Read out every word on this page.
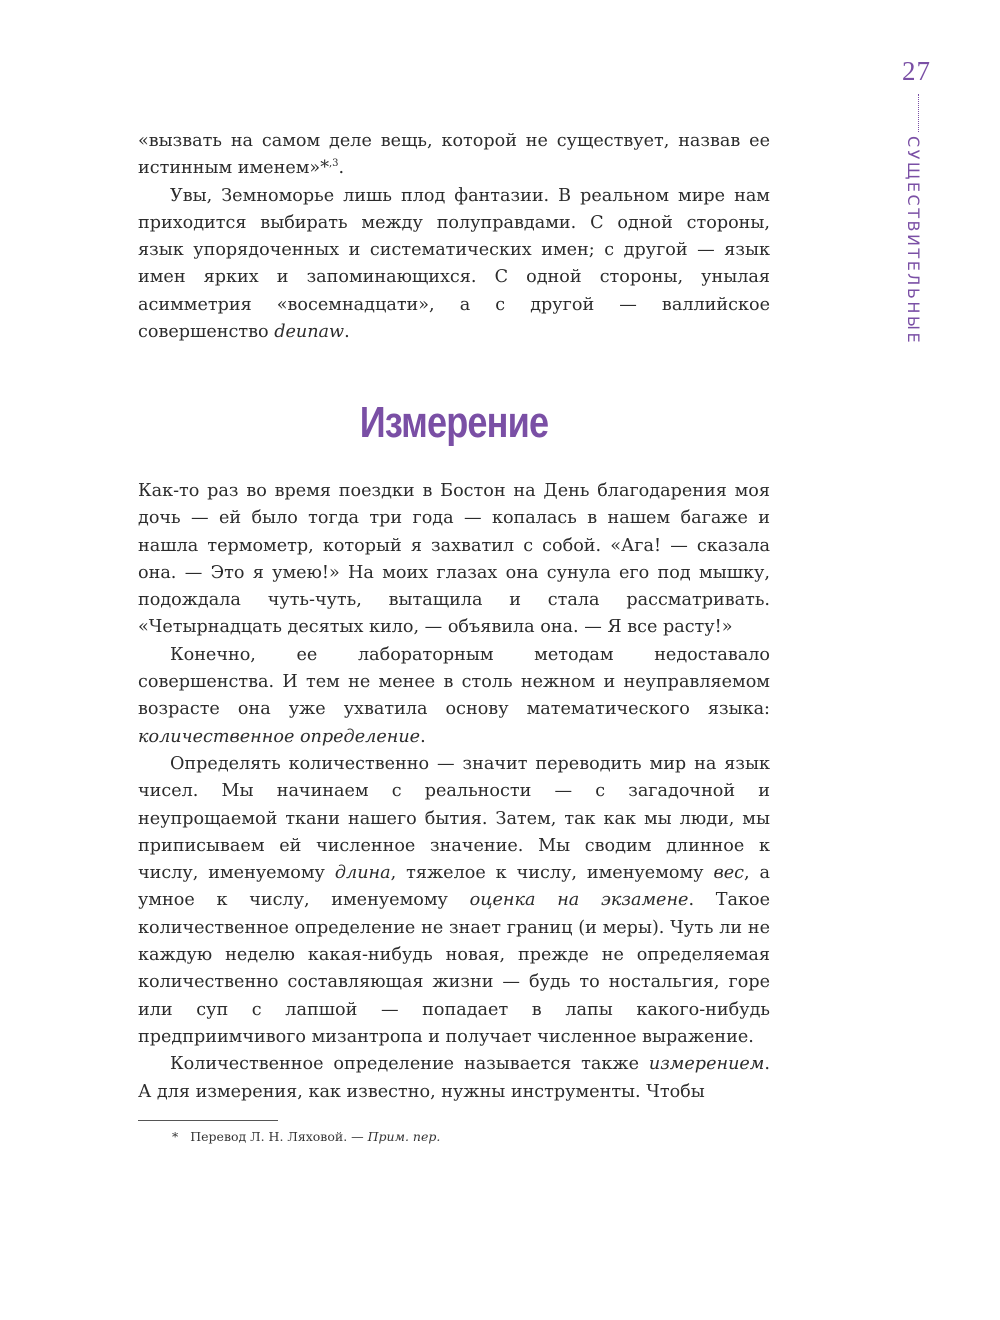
27
СУЩЕСТВИТЕЛЬНЫЕ

«вызвать на самом деле вещь, которой не существует, назвав ее истинным именем»*$^{,3}$.

Увы, Земноморье лишь плод фантазии. В реальном мире нам приходится выбирать между полуправдами. С одной стороны, язык упорядоченных и систематических имен; с другой — язык имен ярких и запоминающихся. С одной стороны, унылая асимметрия «восемнадцати», а с другой — валлийское совершенство deunaw.

Измерение

Как-то раз во время поездки в Бостон на День благодарения моя дочь — ей было тогда три года — копалась в нашем багаже и нашла термометр, который я захватил с собой. «Ага! — сказала она. — Это я умею!» На моих глазах она сунула его под мышку, подождала чуть-чуть, вытащила и стала рассматривать. «Четырнадцать десятых кило, — объявила она. — Я все расту!»

Конечно, ее лабораторным методам недоставало совершенства. И тем не менее в столь нежном и неуправляемом возрасте она уже ухватила основу математического языка: количественное определение.

Определять количественно — значит переводить мир на язык чисел. Мы начинаем с реальности — с загадочной и неупрощаемой ткани нашего бытия. Затем, так как мы люди, мы приписываем ей численное значение. Мы сводим длинное к числу, именуемому длина, тяжелое к числу, именуемому вес, а умное к числу, именуемому оценка на экзамене. Такое количественное определение не знает границ (и меры). Чуть ли не каждую неделю какая-нибудь новая, прежде не определяемая количественно составляющая жизни — будь то ностальгия, горе или суп с лапшой — попадает в лапы какого-нибудь предприимчивого мизантропа и получает численное выражение.

Количественное определение называется также измерением. А для измерения, как известно, нужны инструменты. Чтобы

* Перевод Л. Н. Ляховой. — Прим. пер.
